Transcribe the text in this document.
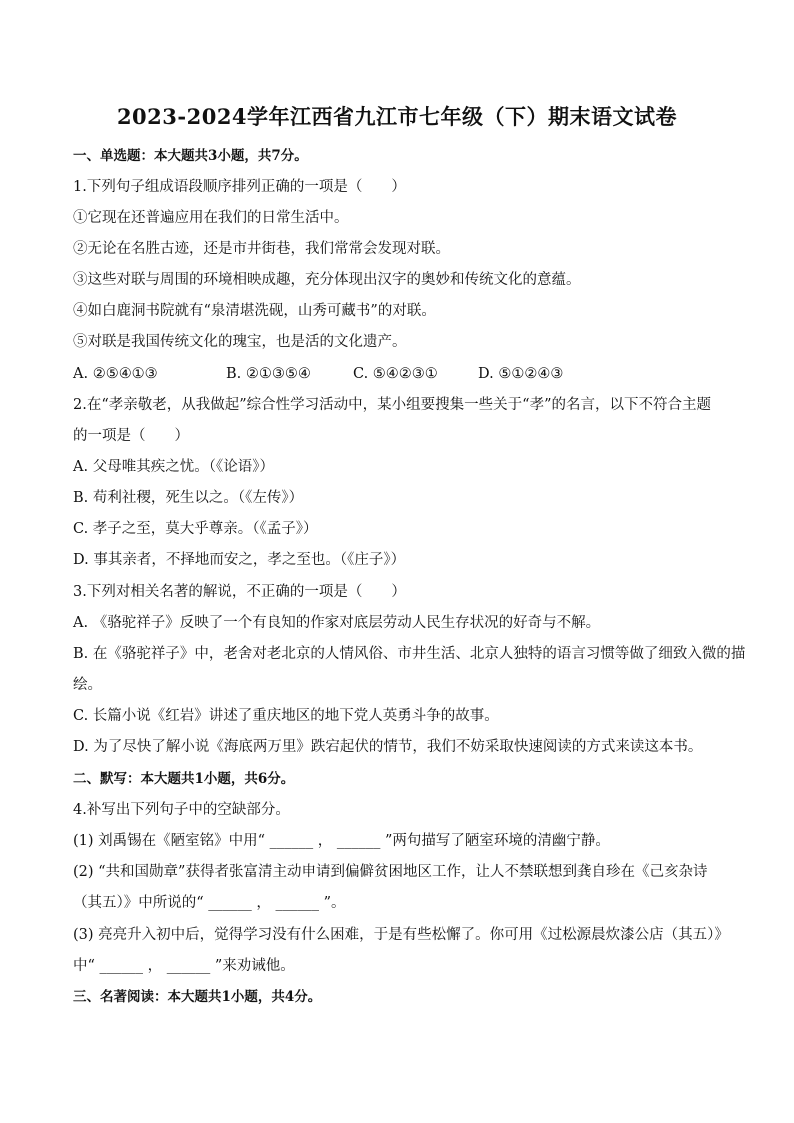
2023-2024学年江西省九江市七年级（下）期末语文试卷
一、单选题：本大题共3小题，共7分。
1.下列句子组成语段顺序排列正确的一项是（　　）
①它现在还普遍应用在我们的日常生活中。
②无论在名胜古迹，还是市井街巷，我们常常会发现对联。
③这些对联与周围的环境相映成趣，充分体现出汉字的奥妙和传统文化的意蕴。
④如白鹿洞书院就有“泉清堪洗砚，山秀可藏书”的对联。
⑤对联是我国传统文化的瑰宝，也是活的文化遗产。
A. ②⑤④①③	B. ②①③⑤④	C. ⑤④②③①	D. ⑤①②④③
2.在“孝亲敬老，从我做起”综合性学习活动中，某小组要搜集一些关于“孝”的名言，以下不符合主题
的一项是（　　）
A. 父母唯其疾之忧。（《论语》）
B. 苟利社稷，死生以之。（《左传》）
C. 孝子之至，莫大乎尊亲。（《孟子》）
D. 事其亲者，不择地而安之，孝之至也。（《庄子》）
3.下列对相关名著的解说，不正确的一项是（　　）
A. 《骆驼祥子》反映了一个有良知的作家对底层劳动人民生存状况的好奇与不解。
B. 在《骆驼祥子》中，老舍对老北京的人情风俗、市井生活、北京人独特的语言习惯等做了细致入微的描
绘。
C. 长篇小说《红岩》讲述了重庆地区的地下党人英勇斗争的故事。
D. 为了尽快了解小说《海底两万里》跌宕起伏的情节，我们不妨采取快速阅读的方式来读这本书。
二、默写：本大题共1小题，共6分。
4.补写出下列句子中的空缺部分。
(1) 刘禹锡在《陋室铭》中用“ ______ ， ______ ”两句描写了陋室环境的清幽宁静。
(2) “共和国勋章”获得者张富清主动申请到偏僻贫困地区工作，让人不禁联想到龚自珍在《己亥杂诗
（其五）》中所说的“ ______ ， ______ ”。
(3) 亮亮升入初中后，觉得学习没有什么困难，于是有些松懈了。你可用《过松源晨炊漆公店（其五）》
中“ ______ ， ______ ”来劝诫他。
三、名著阅读：本大题共1小题，共4分。
